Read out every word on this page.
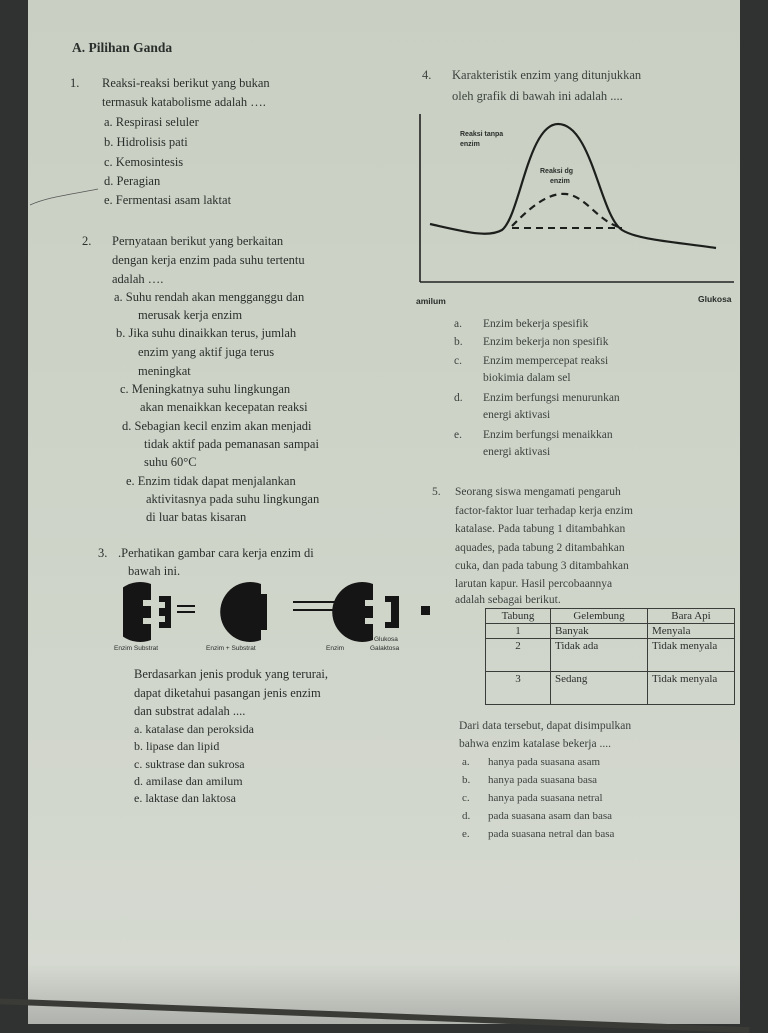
A. Pilihan Ganda
1. Reaksi-reaksi berikut yang bukan
termasuk katabolisme adalah ….
a. Respirasi seluler
b. Hidrolisis pati
c. Kemosintesis
d. Peragian
e. Fermentasi asam laktat
2. Pernyataan berikut yang berkaitan
dengan kerja enzim pada suhu tertentu
adalah ….
a. Suhu rendah akan mengganggu dan
merusak kerja enzim
b. Jika suhu dinaikkan terus, jumlah
enzim yang aktif juga terus
meningkat
c. Meningkatnya suhu lingkungan
akan menaikkan kecepatan reaksi
d. Sebagian kecil enzim akan menjadi
tidak aktif pada pemanasan sampai
suhu 60°C
e. Enzim tidak dapat menjalankan
aktivitasnya pada suhu lingkungan
di luar batas kisaran
3. .Perhatikan gambar cara kerja enzim di
bawah ini.
Enzim Substrat	Enzim + Substrat	Enzim
Glukosa
Galaktosa
Berdasarkan jenis produk yang terurai,
dapat diketahui pasangan jenis enzim
dan substrat adalah ....
a. katalase dan peroksida
b. lipase dan lipid
c. suktrase dan sukrosa
d. amilase dan amilum
e. laktase dan laktosa
4. Karakteristik enzim yang ditunjukkan
oleh grafik di bawah ini adalah ....
Reaksi tanpa
enzim
Reaksi dg
enzim
amilum	Glukosa
a. Enzim bekerja spesifik
b. Enzim bekerja non spesifik
c. Enzim mempercepat reaksi
biokimia dalam sel
d. Enzim berfungsi menurunkan
energi aktivasi
e. Enzim berfungsi menaikkan
energi aktivasi
5. Seorang siswa mengamati pengaruh
factor-faktor luar terhadap kerja enzim
katalase. Pada tabung 1 ditambahkan
aquades, pada tabung 2 ditambahkan
cuka, dan pada tabung 3 ditambahkan
larutan kapur. Hasil percobaannya
adalah sebagai berikut.
Tabung	Gelembung	Bara Api
1	Banyak	Menyala
2	Tidak ada	Tidak menyala
3	Sedang	Tidak menyala
Dari data tersebut, dapat disimpulkan
bahwa enzim katalase bekerja ....
a. hanya pada suasana asam
b. hanya pada suasana basa
c. hanya pada suasana netral
d. pada suasana asam dan basa
e. pada suasana netral dan basa
